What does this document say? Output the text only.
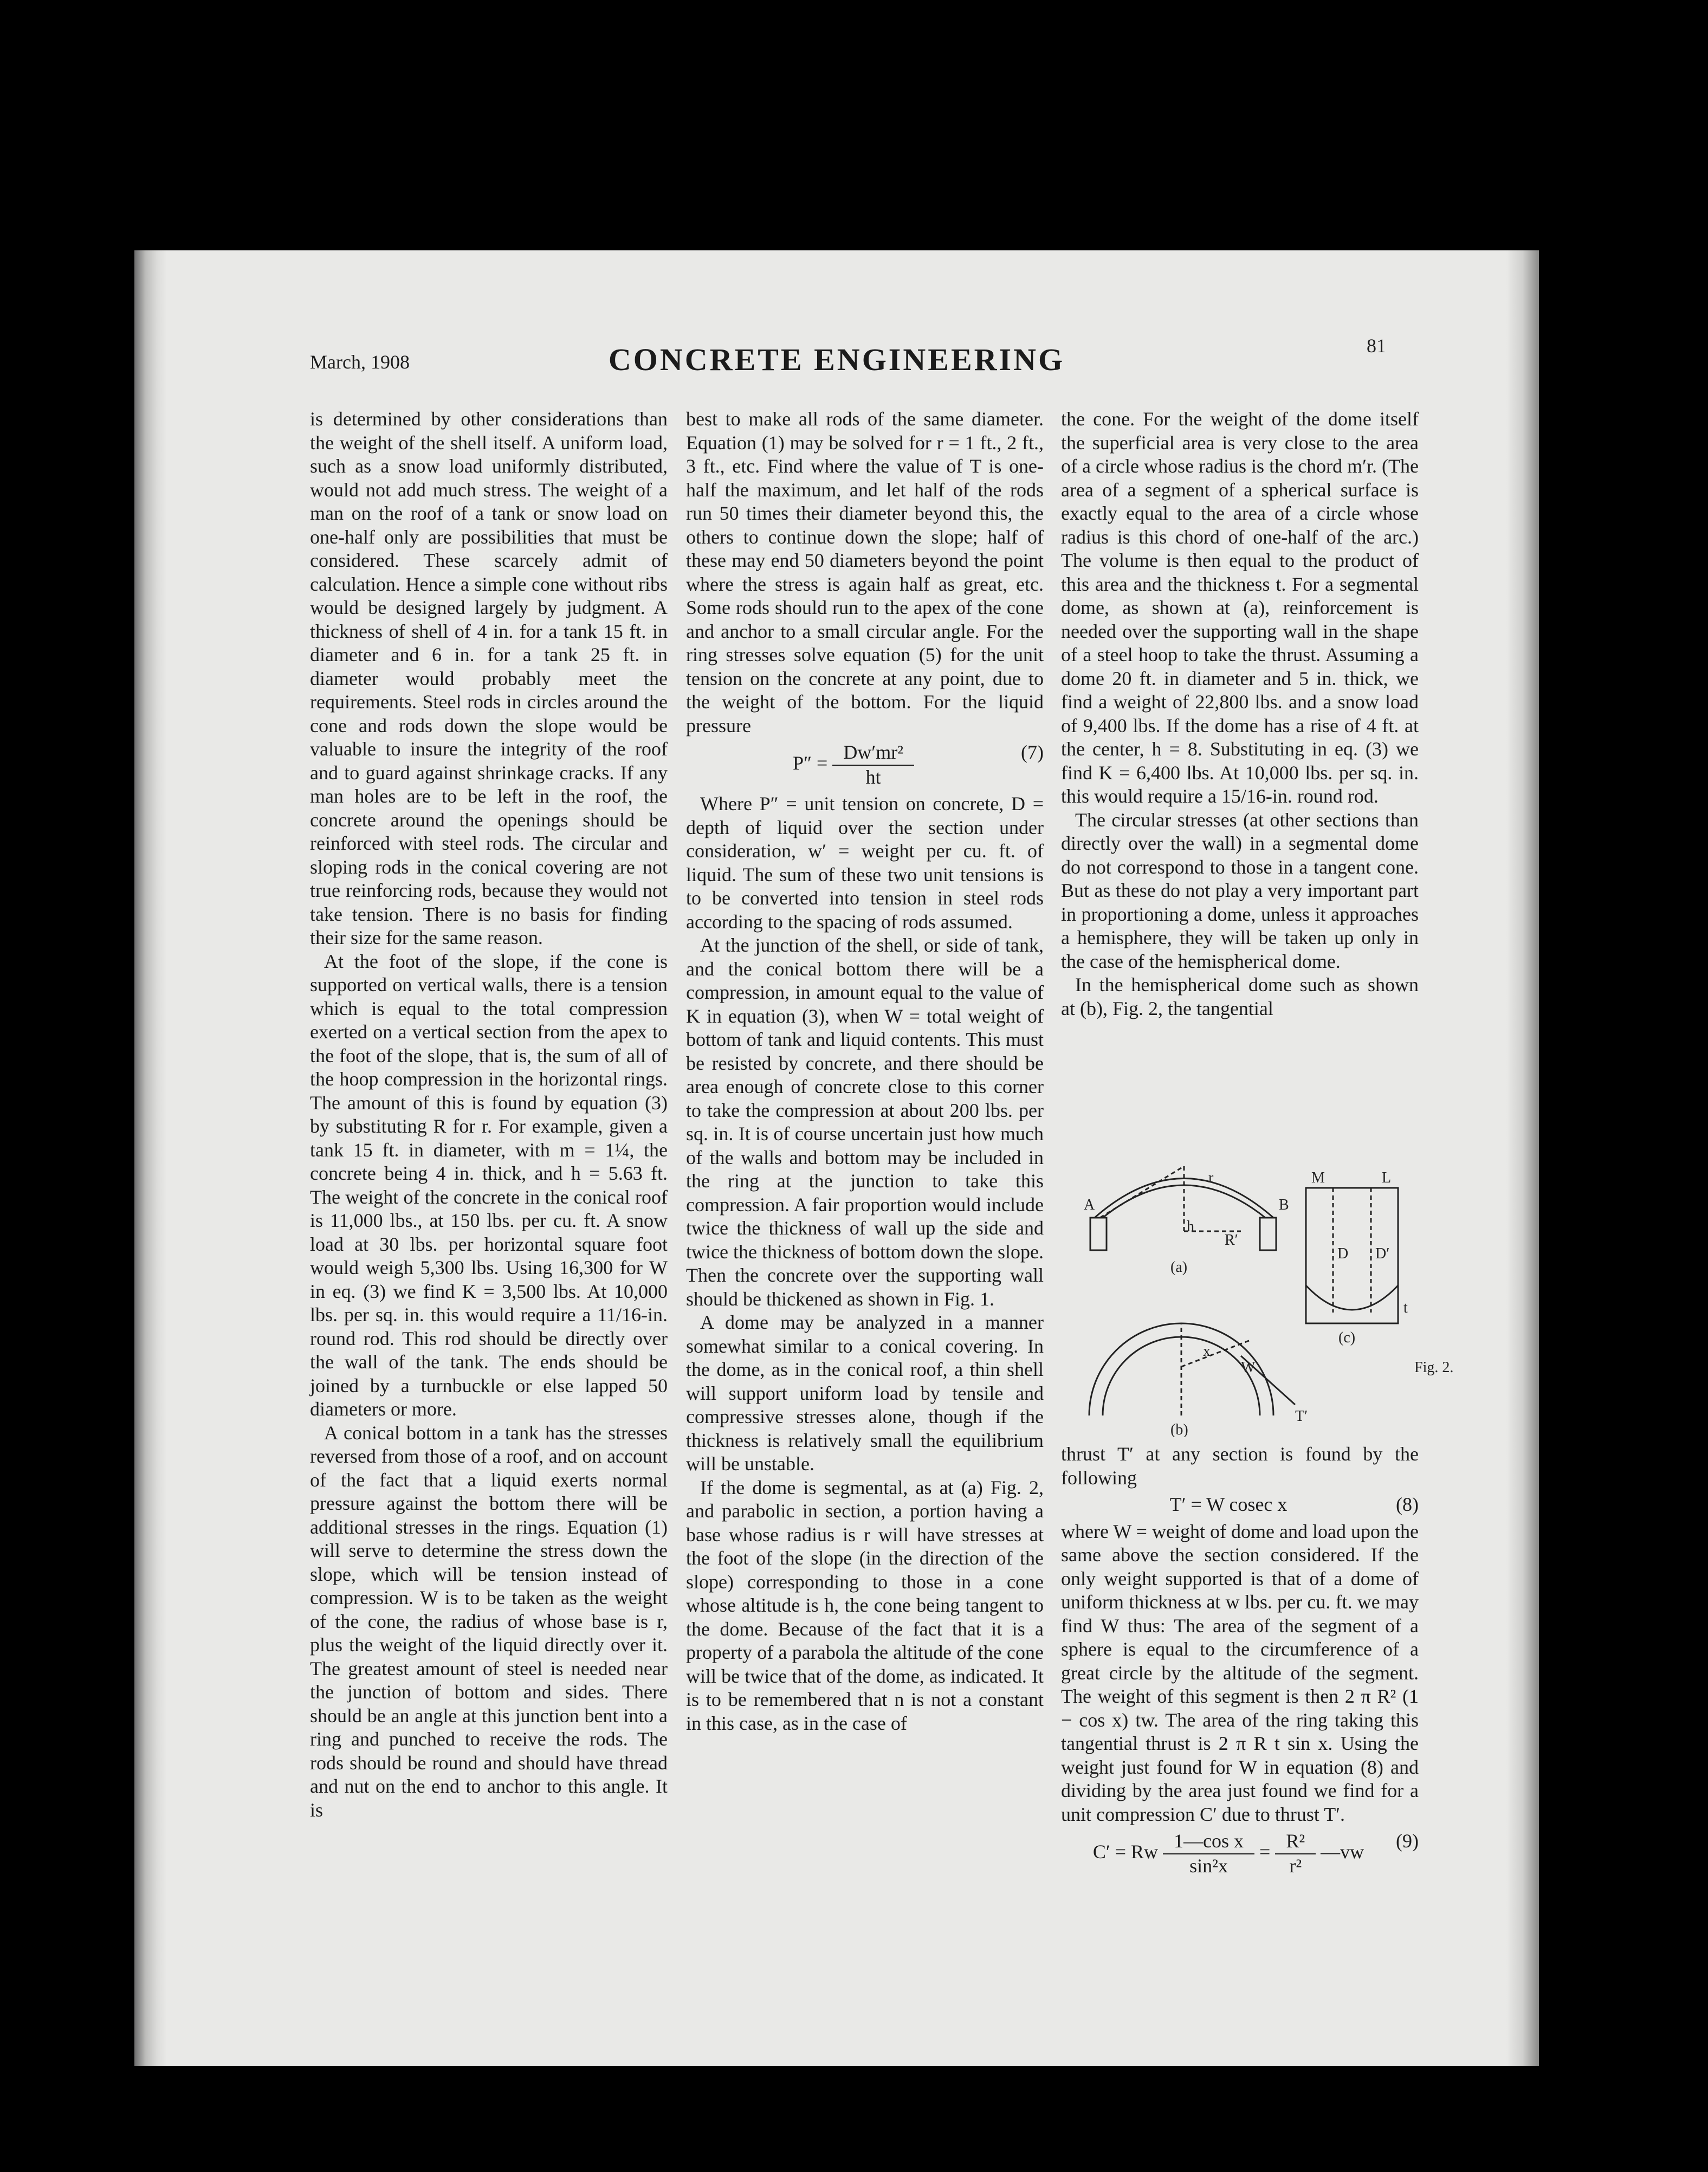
March, 1908	CONCRETE ENGINEERING	81

is determined by other considerations than the weight of the shell itself. A uniform load, such as a snow load uniformly distributed, would not add much stress. The weight of a man on the roof of a tank or snow load on one-half only are possibilities that must be considered. These scarcely admit of calculation. Hence a simple cone without ribs would be designed largely by judgment. A thickness of shell of 4 in. for a tank 15 ft. in diameter and 6 in. for a tank 25 ft. in diameter would probably meet the requirements. Steel rods in circles around the cone and rods down the slope would be valuable to insure the integrity of the roof and to guard against shrinkage cracks. If any man holes are to be left in the roof, the concrete around the openings should be reinforced with steel rods. The circular and sloping rods in the conical covering are not true reinforcing rods, because they would not take tension. There is no basis for finding their size for the same reason.

At the foot of the slope, if the cone is supported on vertical walls, there is a tension which is equal to the total compression exerted on a vertical section from the apex to the foot of the slope, that is, the sum of all of the hoop compression in the horizontal rings. The amount of this is found by equation (3) by substituting R for r. For example, given a tank 15 ft. in diameter, with m = 1¼, the concrete being 4 in. thick, and h = 5.63 ft. The weight of the concrete in the conical roof is 11,000 lbs., at 150 lbs. per cu. ft. A snow load at 30 lbs. per horizontal square foot would weigh 5,300 lbs. Using 16,300 for W in eq. (3) we find K = 3,500 lbs. At 10,000 lbs. per sq. in. this would require a 11/16-in. round rod. This rod should be directly over the wall of the tank. The ends should be joined by a turnbuckle or else lapped 50 diameters or more.

A conical bottom in a tank has the stresses reversed from those of a roof, and on account of the fact that a liquid exerts normal pressure against the bottom there will be additional stresses in the rings. Equation (1) will serve to determine the stress down the slope, which will be tension instead of compression. W is to be taken as the weight of the cone, the radius of whose base is r, plus the weight of the liquid directly over it. The greatest amount of steel is needed near the junction of bottom and sides. There should be an angle at this junction bent into a ring and punched to receive the rods. The rods should be round and should have thread and nut on the end to anchor to this angle. It is

best to make all rods of the same diameter. Equation (1) may be solved for r = 1 ft., 2 ft., 3 ft., etc. Find where the value of T is one-half the maximum, and let half of the rods run 50 times their diameter beyond this, the others to continue down the slope; half of these may end 50 diameters beyond the point where the stress is again half as great, etc. Some rods should run to the apex of the cone and anchor to a small circular angle. For the ring stresses solve equation (5) for the unit tension on the concrete at any point, due to the weight of the bottom. For the liquid pressure

$P'' = \frac{\text{Dw′mr²}}{ht}$	(7)

Where P″ = unit tension on concrete, D = depth of liquid over the section under consideration, w′ = weight per cu. ft. of liquid. The sum of these two unit tensions is to be converted into tension in steel rods according to the spacing of rods assumed.

At the junction of the shell, or side of tank, and the conical bottom there will be a compression, in amount equal to the value of K in equation (3), when W = total weight of bottom of tank and liquid contents. This must be resisted by concrete, and there should be area enough of concrete close to this corner to take the compression at about 200 lbs. per sq. in. It is of course uncertain just how much of the walls and bottom may be included in the ring at the junction to take this compression. A fair proportion would include twice the thickness of wall up the side and twice the thickness of bottom down the slope. Then the concrete over the supporting wall should be thickened as shown in Fig. 1.

A dome may be analyzed in a manner somewhat similar to a conical covering. In the dome, as in the conical roof, a thin shell will support uniform load by tensile and compressive stresses alone, though if the thickness is relatively small the equilibrium will be unstable.

If the dome is segmental, as at (a) Fig. 2, and parabolic in section, a portion having a base whose radius is r will have stresses at the foot of the slope (in the direction of the slope) corresponding to those in a cone whose altitude is h, the cone being tangent to the dome. Because of the fact that it is a property of a parabola the altitude of the cone will be twice that of the dome, as indicated. It is to be remembered that n is not a constant in this case, as in the case of

the cone. For the weight of the dome itself the superficial area is very close to the area of a circle whose radius is the chord m′r. (The area of a segment of a spherical surface is exactly equal to the area of a circle whose radius is this chord of one-half of the arc.) The volume is then equal to the product of this area and the thickness t. For a segmental dome, as shown at (a), reinforcement is needed over the supporting wall in the shape of a steel hoop to take the thrust. Assuming a dome 20 ft. in diameter and 5 in. thick, we find a weight of 22,800 lbs. and a snow load of 9,400 lbs. If the dome has a rise of 4 ft. at the center, h = 8. Substituting in eq. (3) we find K = 6,400 lbs. At 10,000 lbs. per sq. in. this would require a 15/16-in. round rod.

The circular stresses (at other sections than directly over the wall) in a segmental dome do not correspond to those in a tangent cone. But as these do not play a very important part in proportioning a dome, unless it approaches a hemisphere, they will be taken up only in the case of the hemispherical dome.

In the hemispherical dome such as shown at (b), Fig. 2, the tangential

A	B
R′
r	M	L
D D′
h
W
x
T′
t
(a)
(b)
(c)
Fig. 2.

thrust T′ at any section is found by the following

T′ = W cosec x	(8)

where W = weight of dome and load upon the same above the section considered. If the only weight supported is that of a dome of uniform thickness at w lbs. per cu. ft. we may find W thus: The area of the segment of a sphere is equal to the circumference of a great circle by the altitude of the segment. The weight of this segment is then 2 π R² (1 − cos x) tw. The area of the ring taking this tangential thrust is 2 π R t sin x. Using the weight just found for W in equation (8) and dividing by the area just found we find for a unit compression C′ due to thrust T′.

C′ = Rw $\frac{\text{1—cos x}}{\text{sin²x}} = \frac{\text{R²}}{\text{r²}}$ —vw (9)
